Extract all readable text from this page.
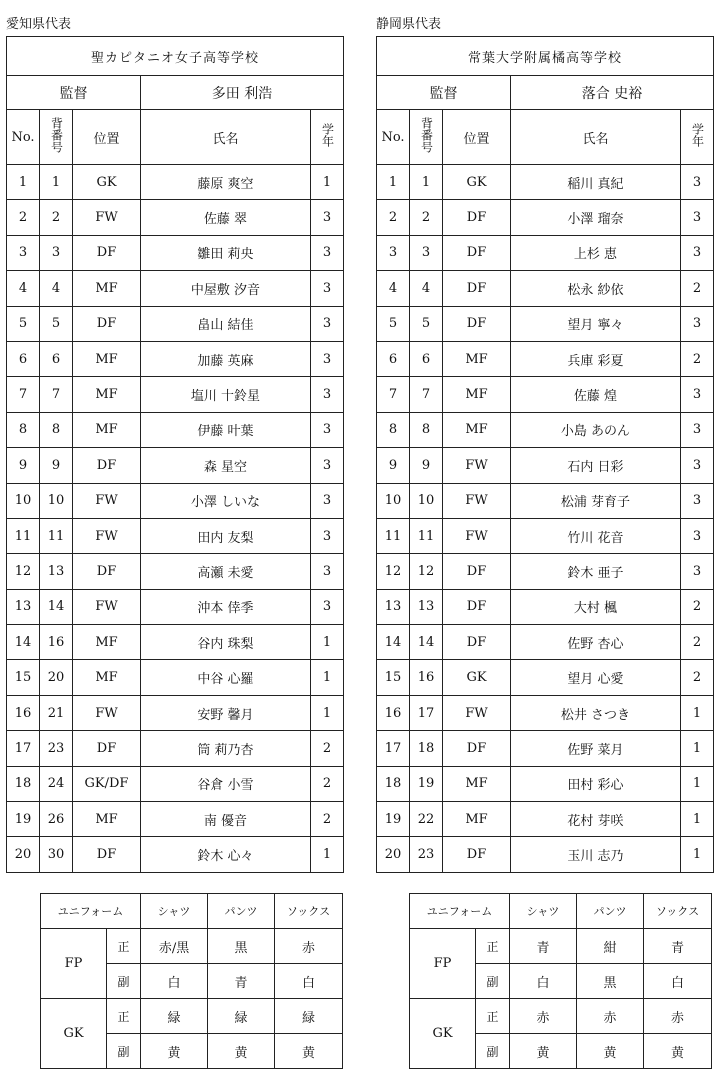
愛知県代表
聖カピタニオ女子高等学校				
監督			多田 利浩	
No.	背番号	位置	氏名	学年
1	1	GK	藤原 爽空	1
2	2	FW	佐藤 翠	3
3	3	DF	雛田 莉央	3
4	4	MF	中屋敷 汐音	3
5	5	DF	畠山 結佳	3
6	6	MF	加藤 英麻	3
7	7	MF	塩川 十鈴星	3
8	8	MF	伊藤 叶葉	3
9	9	DF	森 星空	3
10	10	FW	小澤 しいな	3
11	11	FW	田内 友梨	3
12	13	DF	高瀬 未愛	3
13	14	FW	沖本 倖季	3
14	16	MF	谷内 珠梨	1
15	20	MF	中谷 心羅	1
16	21	FW	安野 馨月	1
17	23	DF	筒 莉乃杏	2
18	24	GK/DF	谷倉 小雪	2
19	26	MF	南 優音	2
20	30	DF	鈴木 心々	1
静岡県代表
常葉大学附属橘高等学校				
監督			落合 史裕	
No.	背番号	位置	氏名	学年
1	1	GK	稲川 真紀	3
2	2	DF	小澤 瑠奈	3
3	3	DF	上杉 恵	3
4	4	DF	松永 紗依	2
5	5	DF	望月 寧々	3
6	6	MF	兵庫 彩夏	2
7	7	MF	佐藤 煌	3
8	8	MF	小島 あのん	3
9	9	FW	石内 日彩	3
10	10	FW	松浦 芽育子	3
11	11	FW	竹川 花音	3
12	12	DF	鈴木 亜子	3
13	13	DF	大村 楓	2
14	14	DF	佐野 杏心	2
15	16	GK	望月 心愛	2
16	17	FW	松井 さつき	1
17	18	DF	佐野 菜月	1
18	19	MF	田村 彩心	1
19	22	MF	花村 芽咲	1
20	23	DF	玉川 志乃	1
ユニフォーム		シャツ	パンツ	ソックス
FP	正	赤/黒	黒	赤
	副	白	青	白
GK	正	緑	緑	緑
	副	黄	黄	黄
ユニフォーム		シャツ	パンツ	ソックス
FP	正	青	紺	青
	副	白	黒	白
GK	正	赤	赤	赤
	副	黄	黄	黄
